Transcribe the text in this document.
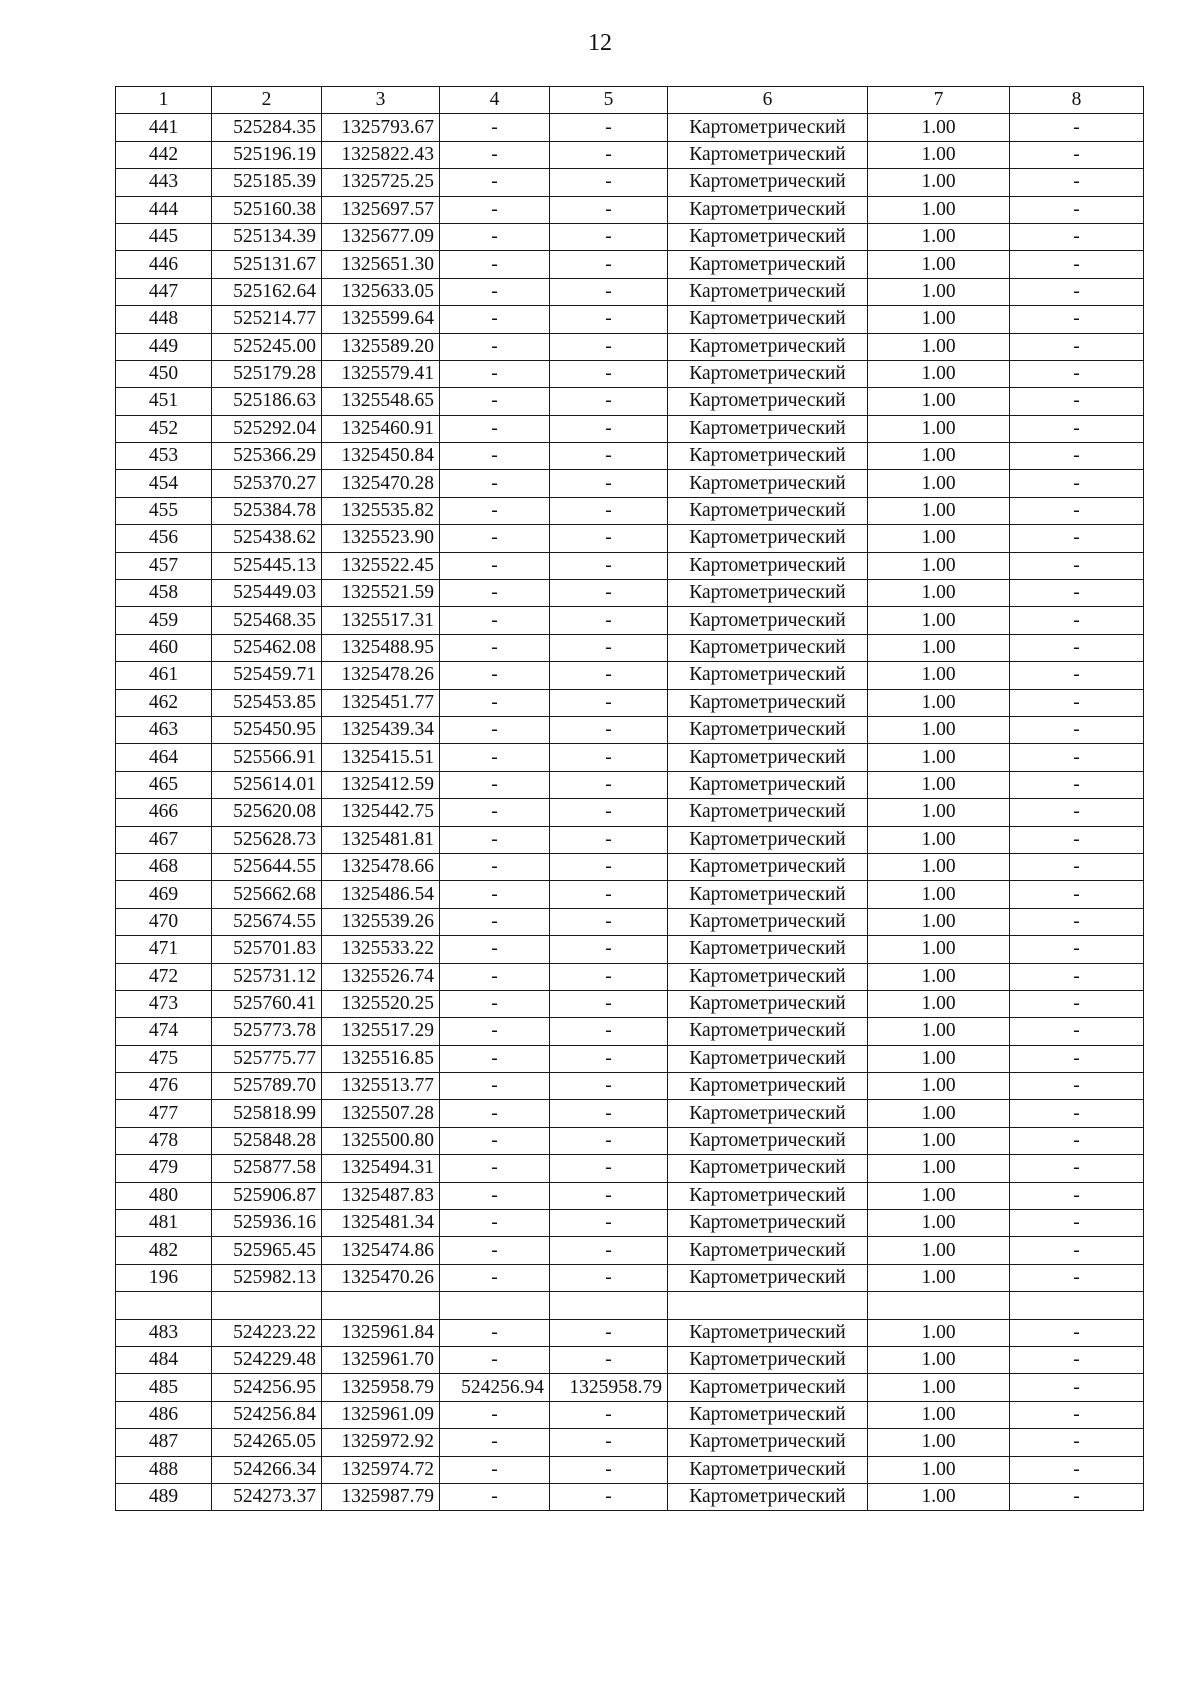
12
1	2	3	4	5	6	7	8
441	525284.35	1325793.67	-	-	Картометрический	1.00	-
442	525196.19	1325822.43	-	-	Картометрический	1.00	-
443	525185.39	1325725.25	-	-	Картометрический	1.00	-
444	525160.38	1325697.57	-	-	Картометрический	1.00	-
445	525134.39	1325677.09	-	-	Картометрический	1.00	-
446	525131.67	1325651.30	-	-	Картометрический	1.00	-
447	525162.64	1325633.05	-	-	Картометрический	1.00	-
448	525214.77	1325599.64	-	-	Картометрический	1.00	-
449	525245.00	1325589.20	-	-	Картометрический	1.00	-
450	525179.28	1325579.41	-	-	Картометрический	1.00	-
451	525186.63	1325548.65	-	-	Картометрический	1.00	-
452	525292.04	1325460.91	-	-	Картометрический	1.00	-
453	525366.29	1325450.84	-	-	Картометрический	1.00	-
454	525370.27	1325470.28	-	-	Картометрический	1.00	-
455	525384.78	1325535.82	-	-	Картометрический	1.00	-
456	525438.62	1325523.90	-	-	Картометрический	1.00	-
457	525445.13	1325522.45	-	-	Картометрический	1.00	-
458	525449.03	1325521.59	-	-	Картометрический	1.00	-
459	525468.35	1325517.31	-	-	Картометрический	1.00	-
460	525462.08	1325488.95	-	-	Картометрический	1.00	-
461	525459.71	1325478.26	-	-	Картометрический	1.00	-
462	525453.85	1325451.77	-	-	Картометрический	1.00	-
463	525450.95	1325439.34	-	-	Картометрический	1.00	-
464	525566.91	1325415.51	-	-	Картометрический	1.00	-
465	525614.01	1325412.59	-	-	Картометрический	1.00	-
466	525620.08	1325442.75	-	-	Картометрический	1.00	-
467	525628.73	1325481.81	-	-	Картометрический	1.00	-
468	525644.55	1325478.66	-	-	Картометрический	1.00	-
469	525662.68	1325486.54	-	-	Картометрический	1.00	-
470	525674.55	1325539.26	-	-	Картометрический	1.00	-
471	525701.83	1325533.22	-	-	Картометрический	1.00	-
472	525731.12	1325526.74	-	-	Картометрический	1.00	-
473	525760.41	1325520.25	-	-	Картометрический	1.00	-
474	525773.78	1325517.29	-	-	Картометрический	1.00	-
475	525775.77	1325516.85	-	-	Картометрический	1.00	-
476	525789.70	1325513.77	-	-	Картометрический	1.00	-
477	525818.99	1325507.28	-	-	Картометрический	1.00	-
478	525848.28	1325500.80	-	-	Картометрический	1.00	-
479	525877.58	1325494.31	-	-	Картометрический	1.00	-
480	525906.87	1325487.83	-	-	Картометрический	1.00	-
481	525936.16	1325481.34	-	-	Картометрический	1.00	-
482	525965.45	1325474.86	-	-	Картометрический	1.00	-
196	525982.13	1325470.26	-	-	Картометрический	1.00	-

483	524223.22	1325961.84	-	-	Картометрический	1.00	-
484	524229.48	1325961.70	-	-	Картометрический	1.00	-
485	524256.95	1325958.79	524256.94	1325958.79	Картометрический	1.00	-
486	524256.84	1325961.09	-	-	Картометрический	1.00	-
487	524265.05	1325972.92	-	-	Картометрический	1.00	-
488	524266.34	1325974.72	-	-	Картометрический	1.00	-
489	524273.37	1325987.79	-	-	Картометрический	1.00	-
